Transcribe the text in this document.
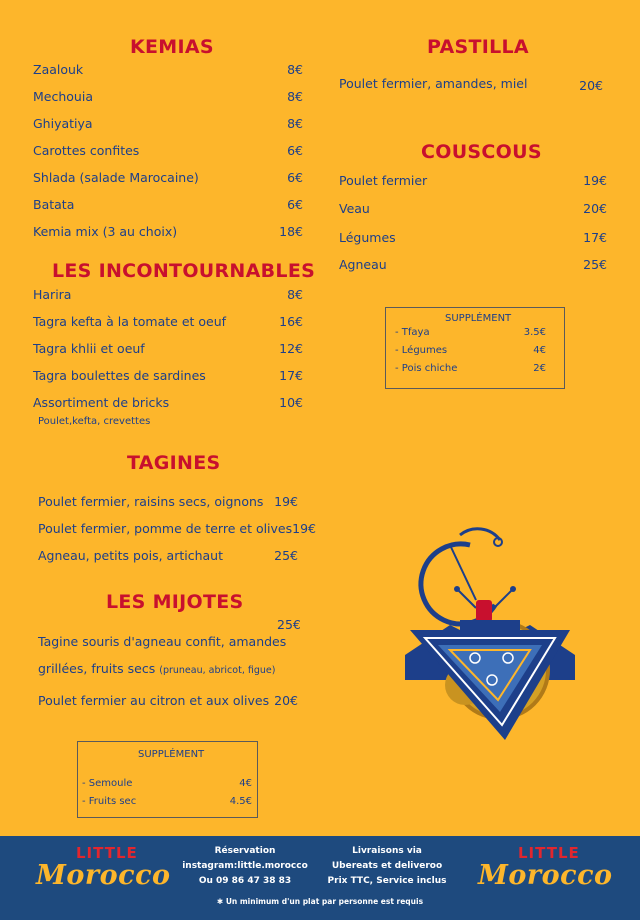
KEMIAS
Zaalouk	8€
Mechouia	8€
Ghiyatiya	8€
Carottes confites	6€
Shlada (salade Marocaine)	6€
Batata	6€
Kemia mix (3 au choix)	18€
LES INCONTOURNABLES
Harira	8€
Tagra kefta à la tomate et oeuf	16€
Tagra khlii et oeuf	12€
Tagra boulettes de sardines	17€
Assortiment de bricks	10€
Poulet,kefta, crevettes
TAGINES
Poulet fermier, raisins secs, oignons 19€
Poulet fermier, pomme de terre et olives 19€
Agneau, petits pois, artichaut	25€
LES MIJOTES
25€
Tagine souris d'agneau confit, amandes
grillées, fruits secs (pruneau, abricot, figue)
Poulet fermier au citron et aux olives 20€
SUPPLÉMENT
- Semoule	4€
- Fruits sec	4.5€
PASTILLA
Poulet fermier, amandes, miel	20€
COUSCOUS
Poulet fermier	19€
Veau	20€
Légumes	17€
Agneau	25€
SUPPLÉMENT
- Tfaya	3.5€
- Légumes	4€
- Pois chiche	2€
LITTLE
Morocco
Réservation
instagram:little.morocco
Ou 09 86 47 38 83
Livraisons via
Ubereats et deliveroo
Prix TTC, Service inclus
LITTLE
Morocco
✱ Un minimum d'un plat par personne est requis
